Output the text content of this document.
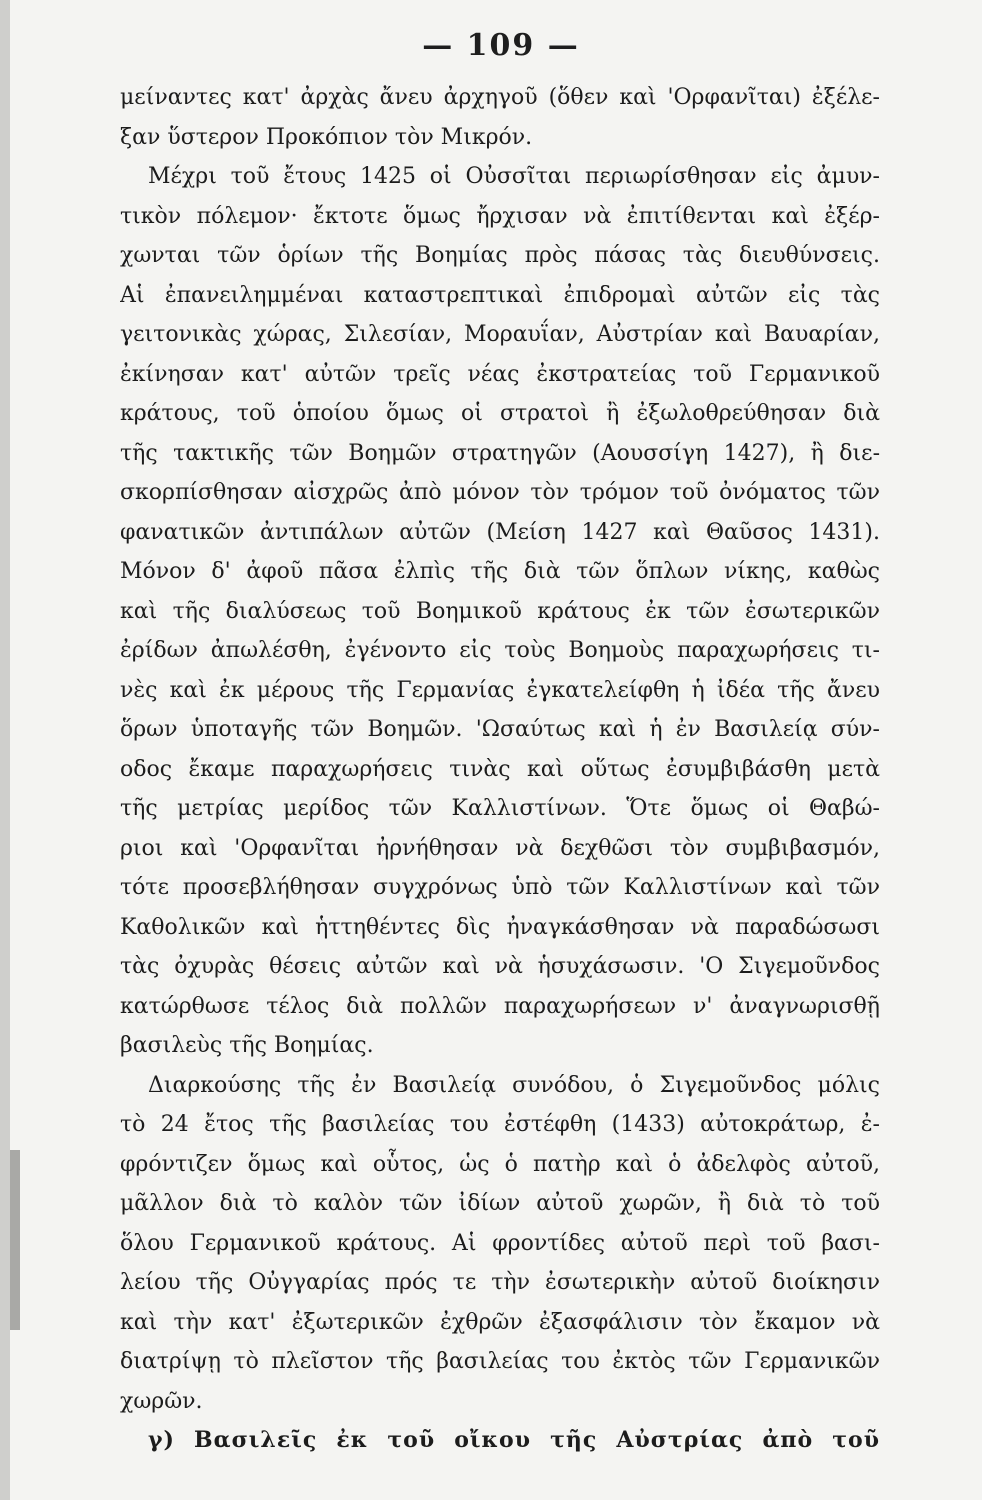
— 109 —
μείναντες κατ' ἀρχὰς ἄνευ ἀρχηγοῦ (ὅθεν καὶ 'Ορφανῖται) ἐξέλε-
ξαν ὕστερον Προκόπιον τὸν Μικρόν.
Μέχρι τοῦ ἔτους 1425 οἱ Οὐσσῖται περιωρίσθησαν εἰς ἀμυν-
τικὸν πόλεμον· ἔκτοτε ὅμως ἤρχισαν νὰ ἐπιτίθενται καὶ ἐξέρ-
χωνται τῶν ὁρίων τῆς Βοημίας πρὸς πάσας τὰς διευθύνσεις.
Αἱ ἐπανειλημμέναι καταστρεπτικαὶ ἐπιδρομαὶ αὐτῶν εἰς τὰς
γειτονικὰς χώρας, Σιλεσίαν, Μοραυΐαν, Αὐστρίαν καὶ Βαυαρίαν,
ἐκίνησαν κατ' αὐτῶν τρεῖς νέας ἐκστρατείας τοῦ Γερμανικοῦ
κράτους, τοῦ ὁποίου ὅμως οἱ στρατοὶ ἢ ἐξωλοθρεύθησαν διὰ
τῆς τακτικῆς τῶν Βοημῶν στρατηγῶν (Αουσσίγη 1427), ἢ διε-
σκορπίσθησαν αἰσχρῶς ἀπὸ μόνον τὸν τρόμον τοῦ ὀνόματος τῶν
φανατικῶν ἀντιπάλων αὐτῶν (Μείση 1427 καὶ Θαῦσος 1431).
Μόνον δ' ἀφοῦ πᾶσα ἐλπὶς τῆς διὰ τῶν ὅπλων νίκης, καθὼς
καὶ τῆς διαλύσεως τοῦ Βοημικοῦ κράτους ἐκ τῶν ἐσωτερικῶν
ἐρίδων ἀπωλέσθη, ἐγένοντο εἰς τοὺς Βοημοὺς παραχωρήσεις τι-
νὲς καὶ ἐκ μέρους τῆς Γερμανίας ἐγκατελείφθη ἡ ἰδέα τῆς ἄνευ
ὅρων ὑποταγῆς τῶν Βοημῶν. 'Ωσαύτως καὶ ἡ ἐν Βασιλείᾳ σύν-
οδος ἔκαμε παραχωρήσεις τινὰς καὶ οὕτως ἐσυμβιβάσθη μετὰ
τῆς μετρίας μερίδος τῶν Καλλιστίνων. Ὅτε ὅμως οἱ Θαβώ-
ριοι καὶ 'Ορφανῖται ἠρνήθησαν νὰ δεχθῶσι τὸν συμβιβασμόν,
τότε προσεβλήθησαν συγχρόνως ὑπὸ τῶν Καλλιστίνων καὶ τῶν
Καθολικῶν καὶ ἡττηθέντες δὶς ἠναγκάσθησαν νὰ παραδώσωσι
τὰς ὀχυρὰς θέσεις αὐτῶν καὶ νὰ ἡσυχάσωσιν. 'Ο Σιγεμοῦνδος
κατώρθωσε τέλος διὰ πολλῶν παραχωρήσεων ν' ἀναγνωρισθῇ
βασιλεὺς τῆς Βοημίας.
Διαρκούσης τῆς ἐν Βασιλείᾳ συνόδου, ὁ Σιγεμοῦνδος μόλις
τὸ 24 ἔτος τῆς βασιλείας του ἐστέφθη (1433) αὐτοκράτωρ, ἐ-
φρόντιζεν ὅμως καὶ οὗτος, ὡς ὁ πατὴρ καὶ ὁ ἀδελφὸς αὐτοῦ,
μᾶλλον διὰ τὸ καλὸν τῶν ἰδίων αὐτοῦ χωρῶν, ἢ διὰ τὸ τοῦ
ὅλου Γερμανικοῦ κράτους. Αἱ φροντίδες αὐτοῦ περὶ τοῦ βασι-
λείου τῆς Οὐγγαρίας πρός τε τὴν ἐσωτερικὴν αὐτοῦ διοίκησιν
καὶ τὴν κατ' ἐξωτερικῶν ἐχθρῶν ἐξασφάλισιν τὸν ἔκαμον νὰ
διατρίψῃ τὸ πλεῖστον τῆς βασιλείας του ἐκτὸς τῶν Γερμανικῶν
χωρῶν.
γ) Βασιλεῖς ἐκ τοῦ οἴκου τῆς Αὐστρίας ἀπὸ τοῦ
